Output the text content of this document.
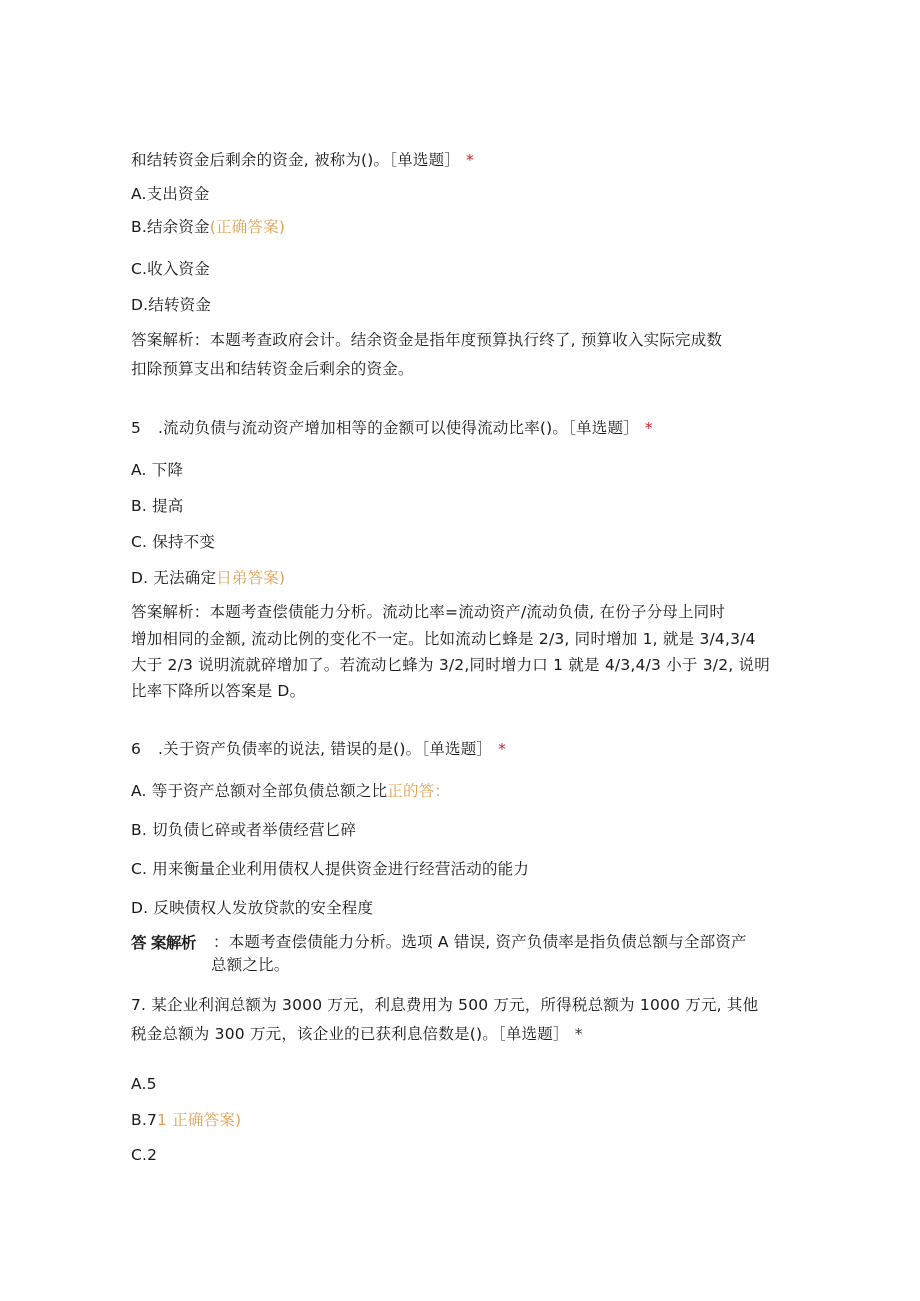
和结转资金后剩余的资金, 被称为()。［单选题］ *
A.支出资金
B.结余资金(正确答案)
C.收入资金
D.结转资金
答案解析：本题考查政府会计。结余资金是指年度预算执行终了, 预算收入实际完成数
扣除预算支出和结转资金后剩余的资金。
5 .流动负债与流动资产增加相等的金额可以使得流动比率()。［单选题］ *
A. 下降
B. 提高
C. 保持不变
D. 无法确定日弟答案)
答案解析：本题考查偿债能力分析。流动比率=流动资产/流动负债, 在份子分母上同时
增加相同的金额, 流动比例的变化不一定。比如流动匕蜂是 2/3, 同时增加 1, 就是 3/4,3/4
大于 2/3 说明流就碎增加了。若流动匕蜂为 3/2,同时增力口 1 就是 4/3,4/3 小于 3/2, 说明
比率下降所以答案是 D。
6 .关于资产负债率的说法, 错误的是()。［单选题］ *
A. 等于资产总额对全部负债总额之比正的答：
B. 切负债匕碎或者举债经营匕碎
C. 用来衡量企业利用债权人提供资金进行经营活动的能力
D. 反映债权人发放贷款的安全程度
答 案解析 ：本题考查偿债能力分析。选项 A 错误, 资产负债率是指负债总额与全部资产
总额之比。
7. 某企业利润总额为 3000 万元，利息费用为 500 万元，所得税总额为 1000 万元, 其他
税金总额为 300 万元，该企业的已获利息倍数是()。［单选题］ *
A.5
B.71 正确答案)
C.2
